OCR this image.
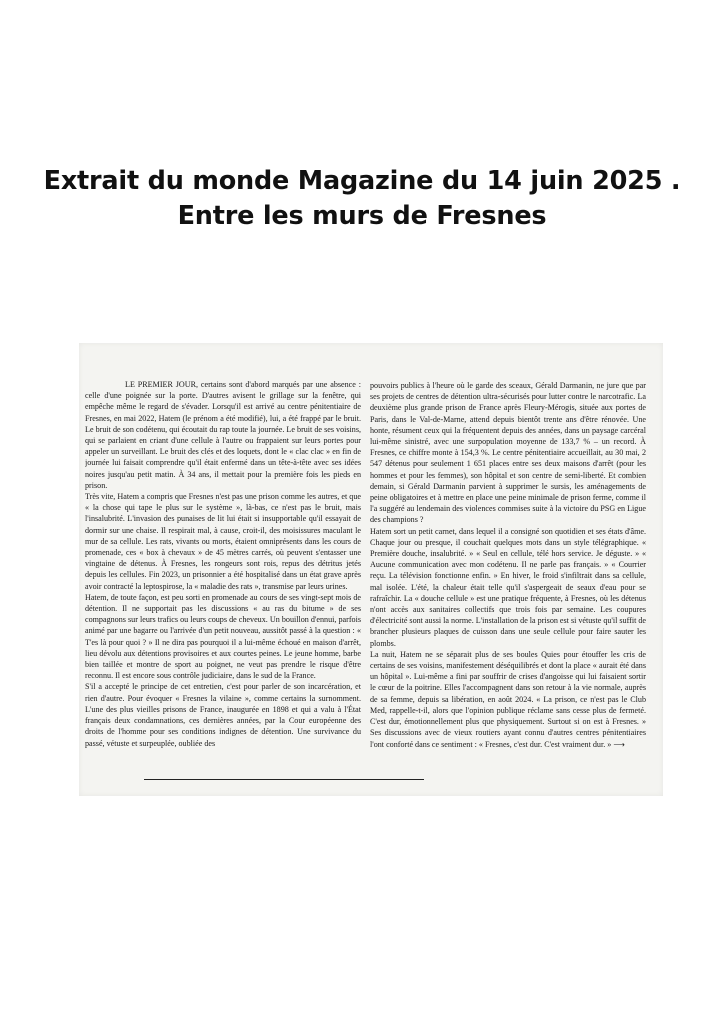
Extrait du monde Magazine du 14 juin 2025 .
Entre les murs de Fresnes

LE PREMIER JOUR, certains sont d'abord marqués par une absence : celle d'une poignée sur la porte. D'autres avisent le grillage sur la fenêtre, qui empêche même le regard de s'évader. Lorsqu'il est arrivé au centre pénitentiaire de Fresnes, en mai 2022, Hatem (le prénom a été modifié), lui, a été frappé par le bruit. Le bruit de son codétenu, qui écoutait du rap toute la journée. Le bruit de ses voisins, qui se parlaient en criant d'une cellule à l'autre ou frappaient sur leurs portes pour appeler un surveillant. Le bruit des clés et des loquets, dont le « clac clac » en fin de journée lui faisait comprendre qu'il était enfermé dans un tête-à-tête avec ses idées noires jusqu'au petit matin. À 34 ans, il mettait pour la première fois les pieds en prison.

Très vite, Hatem a compris que Fresnes n'est pas une prison comme les autres, et que « la chose qui tape le plus sur le système », là-bas, ce n'est pas le bruit, mais l'insalubrité. L'invasion des punaises de lit lui était si insupportable qu'il essayait de dormir sur une chaise. Il respirait mal, à cause, croit-il, des moisissures maculant le mur de sa cellule. Les rats, vivants ou morts, étaient omniprésents dans les cours de promenade, ces « box à chevaux » de 45 mètres carrés, où peuvent s'entasser une vingtaine de détenus. À Fresnes, les rongeurs sont rois, repus des détritus jetés depuis les cellules. Fin 2023, un prisonnier a été hospitalisé dans un état grave après avoir contracté la leptospirose, la « maladie des rats », transmise par leurs urines.

Hatem, de toute façon, est peu sorti en promenade au cours de ses vingt-sept mois de détention. Il ne supportait pas les discussions « au ras du bitume » de ses compagnons sur leurs trafics ou leurs coups de cheveux. Un bouillon d'ennui, parfois animé par une bagarre ou l'arrivée d'un petit nouveau, aussitôt passé à la question : « T'es là pour quoi ? » Il ne dira pas pourquoi il a lui-même échoué en maison d'arrêt, lieu dévolu aux détentions provisoires et aux courtes peines. Le jeune homme, barbe bien taillée et montre de sport au poignet, ne veut pas prendre le risque d'être reconnu. Il est encore sous contrôle judiciaire, dans le sud de la France.

S'il a accepté le principe de cet entretien, c'est pour parler de son incarcération, et rien d'autre. Pour évoquer « Fresnes la vilaine », comme certains la surnomment. L'une des plus vieilles prisons de France, inaugurée en 1898 et qui a valu à l'État français deux condamnations, ces dernières années, par la Cour européenne des droits de l'homme pour ses conditions indignes de détention. Une survivance du passé, vétuste et surpeuplée, oubliée des

pouvoirs publics à l'heure où le garde des sceaux, Gérald Darmanin, ne jure que par ses projets de centres de détention ultra-sécurisés pour lutter contre le narcotrafic. La deuxième plus grande prison de France après Fleury-Mérogis, située aux portes de Paris, dans le Val-de-Marne, attend depuis bientôt trente ans d'être rénovée. Une honte, résument ceux qui la fréquentent depuis des années, dans un paysage carcéral lui-même sinistré, avec une surpopulation moyenne de 133,7 % – un record. À Fresnes, ce chiffre monte à 154,3 %. Le centre pénitentiaire accueillait, au 30 mai, 2 547 détenus pour seulement 1 651 places entre ses deux maisons d'arrêt (pour les hommes et pour les femmes), son hôpital et son centre de semi-liberté. Et combien demain, si Gérald Darmanin parvient à supprimer le sursis, les aménagements de peine obligatoires et à mettre en place une peine minimale de prison ferme, comme il l'a suggéré au lendemain des violences commises suite à la victoire du PSG en Ligue des champions ?

Hatem sort un petit carnet, dans lequel il a consigné son quotidien et ses états d'âme. Chaque jour ou presque, il couchait quelques mots dans un style télégraphique. « Première douche, insalubrité. » « Seul en cellule, télé hors service. Je déguste. » « Aucune communication avec mon codétenu. Il ne parle pas français. » « Courrier reçu. La télévision fonctionne enfin. » En hiver, le froid s'infiltrait dans sa cellule, mal isolée. L'été, la chaleur était telle qu'il s'aspergeait de seaux d'eau pour se rafraîchir. La « douche cellule » est une pratique fréquente, à Fresnes, où les détenus n'ont accès aux sanitaires collectifs que trois fois par semaine. Les coupures d'électricité sont aussi la norme. L'installation de la prison est si vétuste qu'il suffit de brancher plusieurs plaques de cuisson dans une seule cellule pour faire sauter les plombs.

La nuit, Hatem ne se séparait plus de ses boules Quies pour étouffer les cris de certains de ses voisins, manifestement déséquilibrés et dont la place « aurait été dans un hôpital ». Lui-même a fini par souffrir de crises d'angoisse qui lui faisaient sortir le cœur de la poitrine. Elles l'accompagnent dans son retour à la vie normale, auprès de sa femme, depuis sa libération, en août 2024. « La prison, ce n'est pas le Club Med, rappelle-t-il, alors que l'opinion publique réclame sans cesse plus de fermeté. C'est dur, émotionnellement plus que physiquement. Surtout si on est à Fresnes. » Ses discussions avec de vieux routiers ayant connu d'autres centres pénitentiaires l'ont conforté dans ce sentiment : « Fresnes, c'est dur. C'est vraiment dur. » ⟶
